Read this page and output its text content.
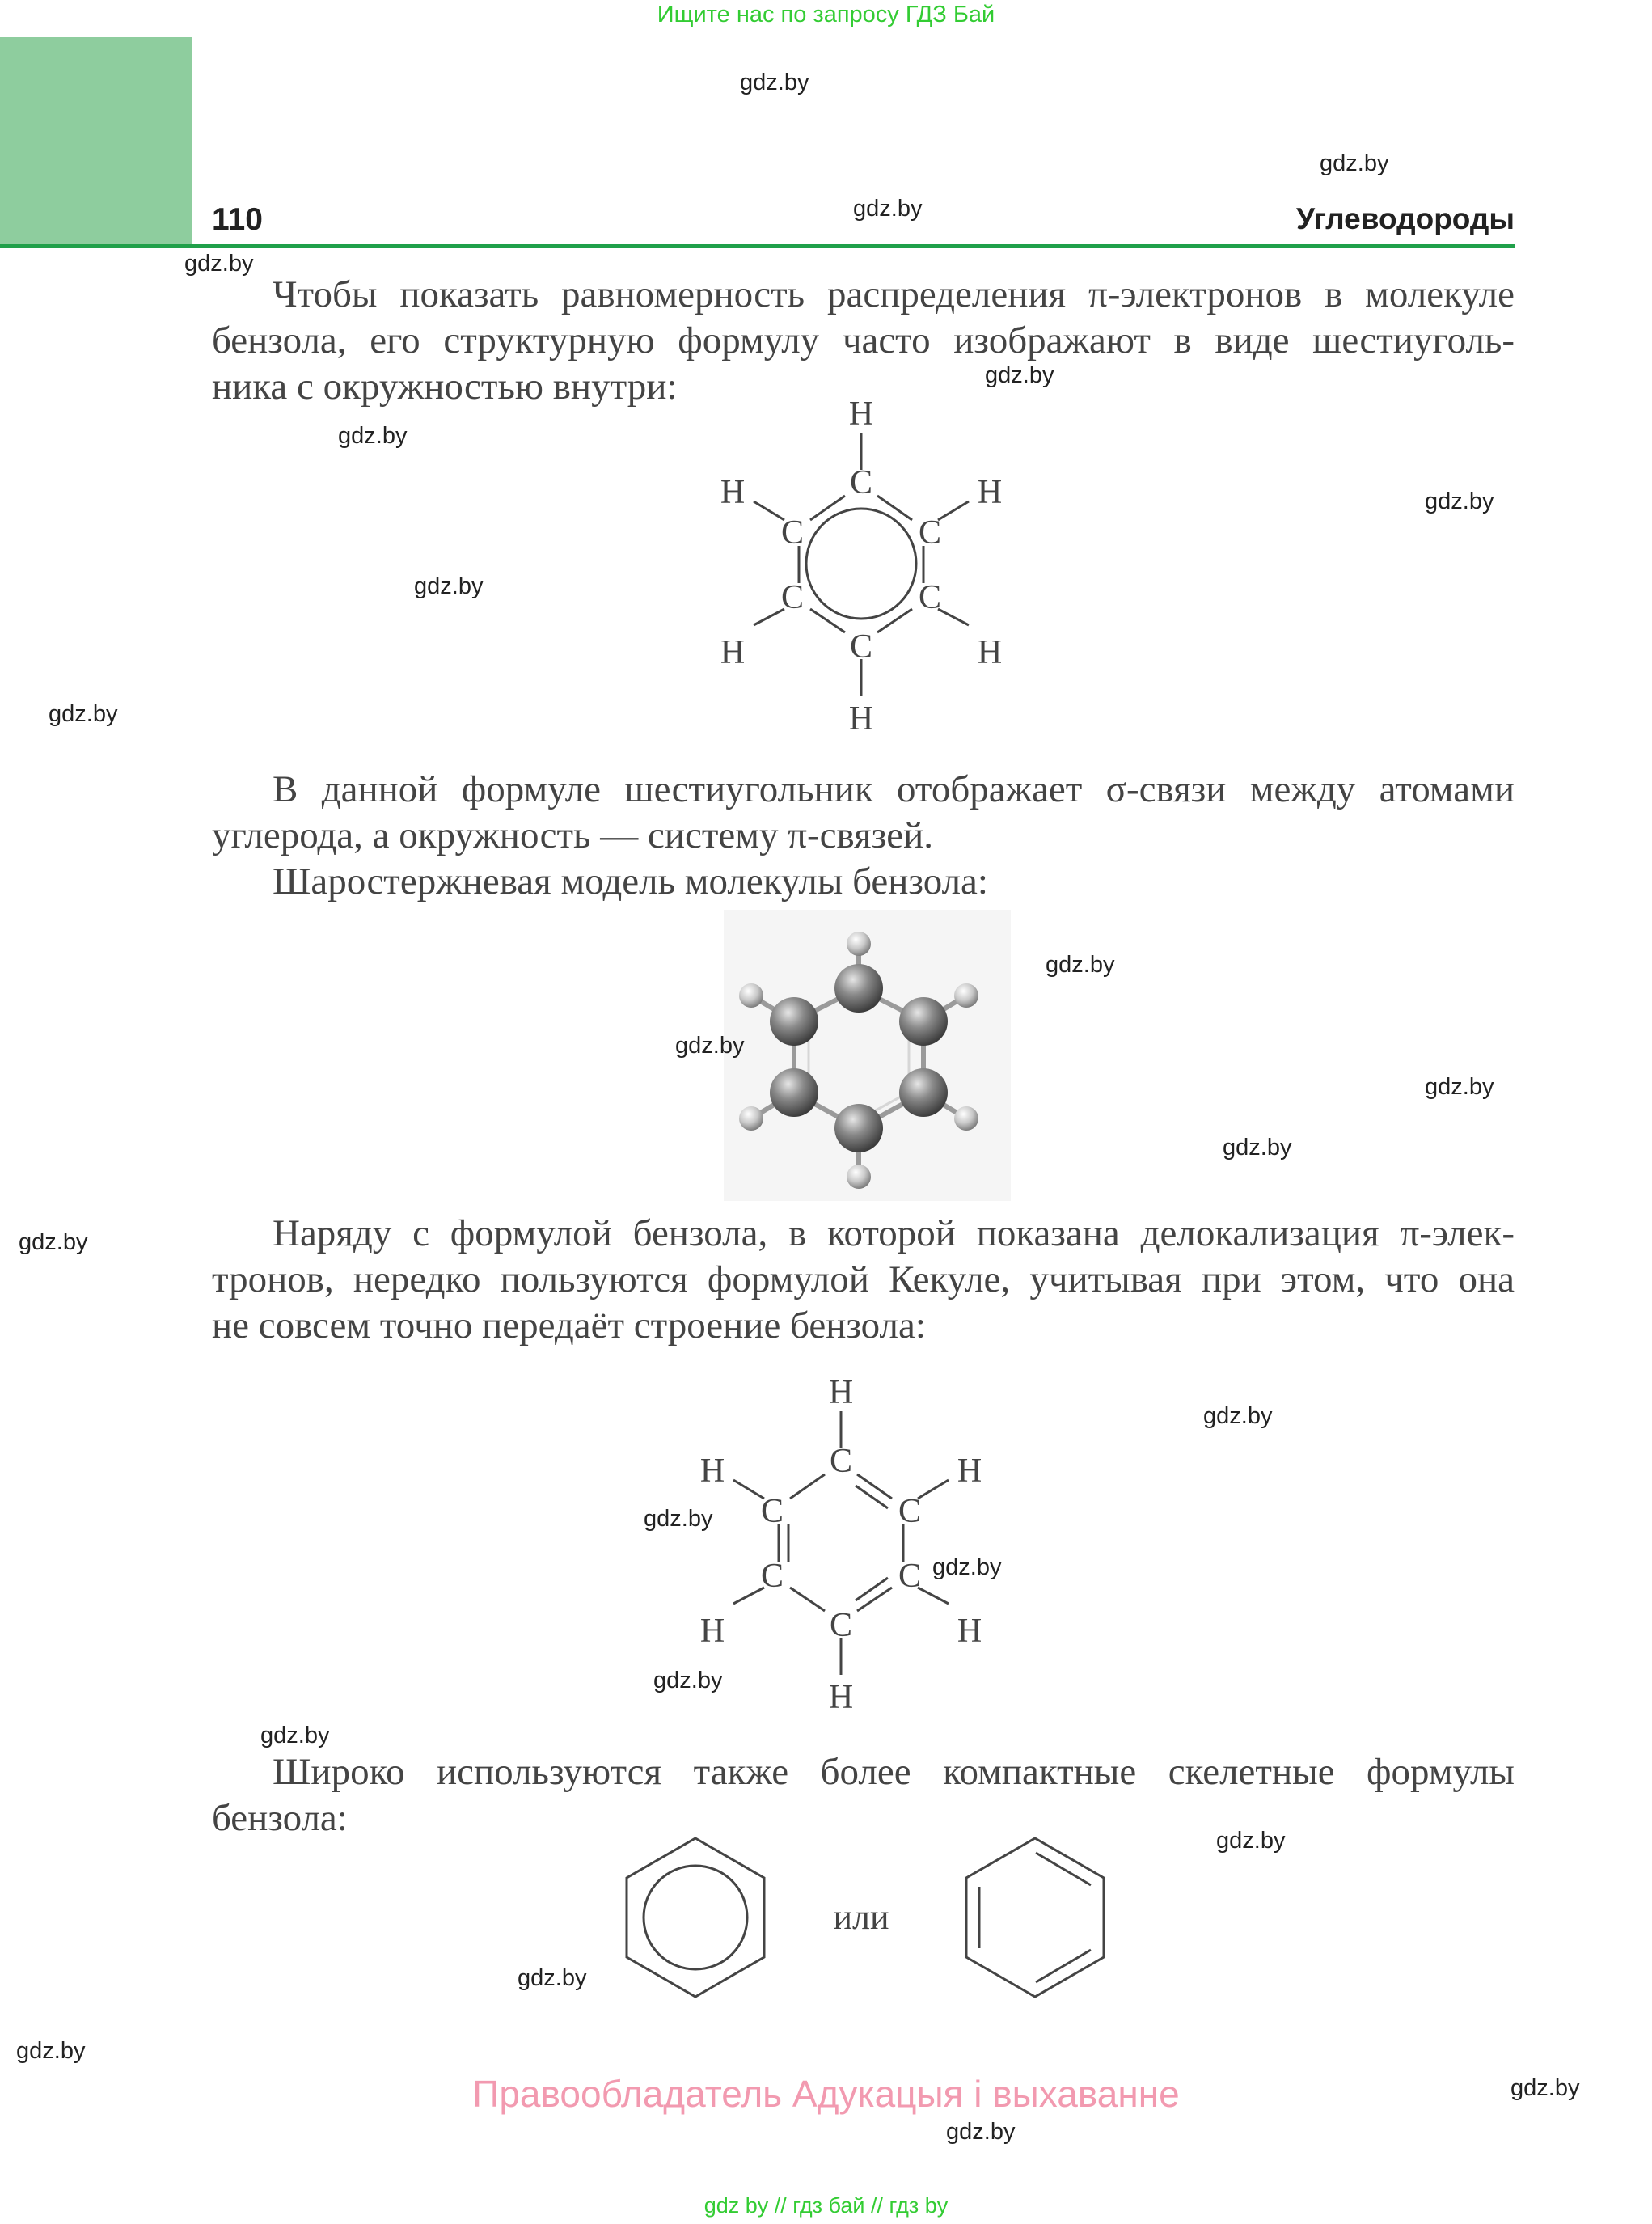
Ищите нас по запросу ГДЗ Бай
110	Углеводороды

Чтобы показать равномерность распределения π-электронов в молекуле

бензола, его структурную формулу часто изображают в виде шестиуголь-

ника с окружностью внутри:

H
C
C	C
C	C
C
H	H
H	H
H

В данной формуле шестиугольник отображает σ-связи между атомами

углерода, а окружность — систему π-связей.

Шаростержневая модель молекулы бензола:

Наряду с формулой бензола, в которой показана делокализация π-элек-

тронов, нередко пользуются формулой Кекуле, учитывая при этом, что она

не совсем точно передаёт строение бензола:

H
C
C	C
C	C
C
H	H
H	H
H

Широко используются также более компактные скелетные формулы

бензола:

или
gdz.by
gdz.by
gdz.by
gdz.by
gdz.by
gdz.by
gdz.by
gdz.by
gdz.by
gdz.by
gdz.by
gdz.by
gdz.by
gdz.by
gdz.by
gdz.by
gdz.by
gdz.by
gdz.by
gdz.by
gdz.by
gdz.by
gdz.by
gdz.by
Правообладатель Адукацыя і выхаванне
gdz by // гдз бай // гдз by
